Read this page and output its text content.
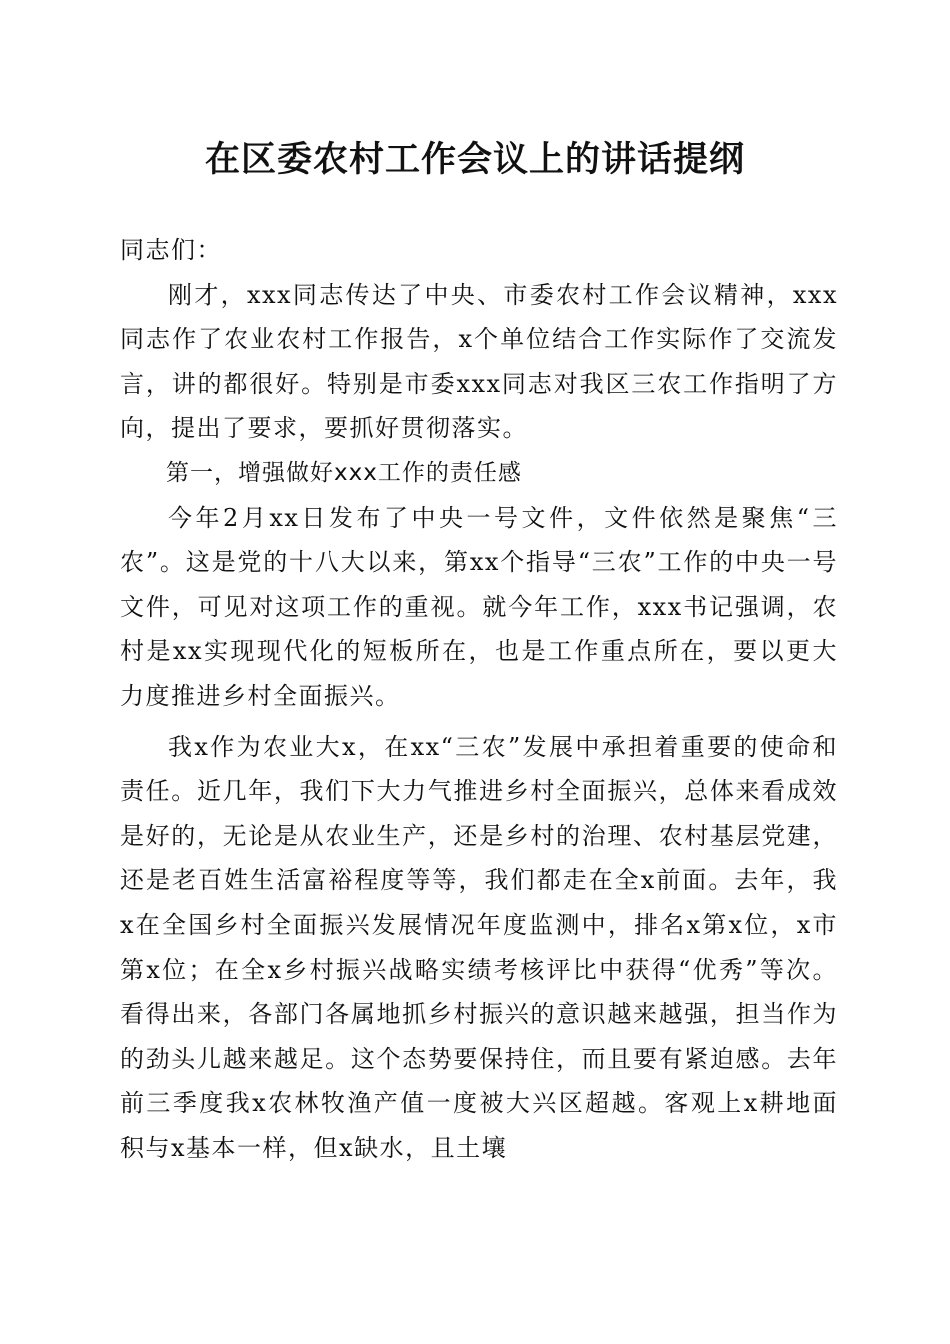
在区委农村工作会议上的讲话提纲

同志们：

刚才，xxx同志传达了中央、市委农村工作会议精神，xxx同志作了农业农村工作报告，x个单位结合工作实际作了交流发言，讲的都很好。特别是市委xxx同志对我区三农工作指明了方向，提出了要求，要抓好贯彻落实。

第一，增强做好xxx工作的责任感

今年2月xx日发布了中央一号文件，文件依然是聚焦“三农”。这是党的十八大以来，第xx个指导“三农”工作的中央一号文件，可见对这项工作的重视。就今年工作，xxx书记强调，农村是xx实现现代化的短板所在，也是工作重点所在，要以更大力度推进乡村全面振兴。

我x作为农业大x，在xx“三农”发展中承担着重要的使命和责任。近几年，我们下大力气推进乡村全面振兴，总体来看成效是好的，无论是从农业生产，还是乡村的治理、农村基层党建，还是老百姓生活富裕程度等等，我们都走在全x前面。去年，我x在全国乡村全面振兴发展情况年度监测中，排名x第x位，x市第x位；在全x乡村振兴战略实绩考核评比中获得“优秀”等次。看得出来，各部门各属地抓乡村振兴的意识越来越强，担当作为的劲头儿越来越足。这个态势要保持住，而且要有紧迫感。去年前三季度我x农林牧渔产值一度被大兴区超越。客观上x耕地面积与x基本一样，但x缺水，且土壤
